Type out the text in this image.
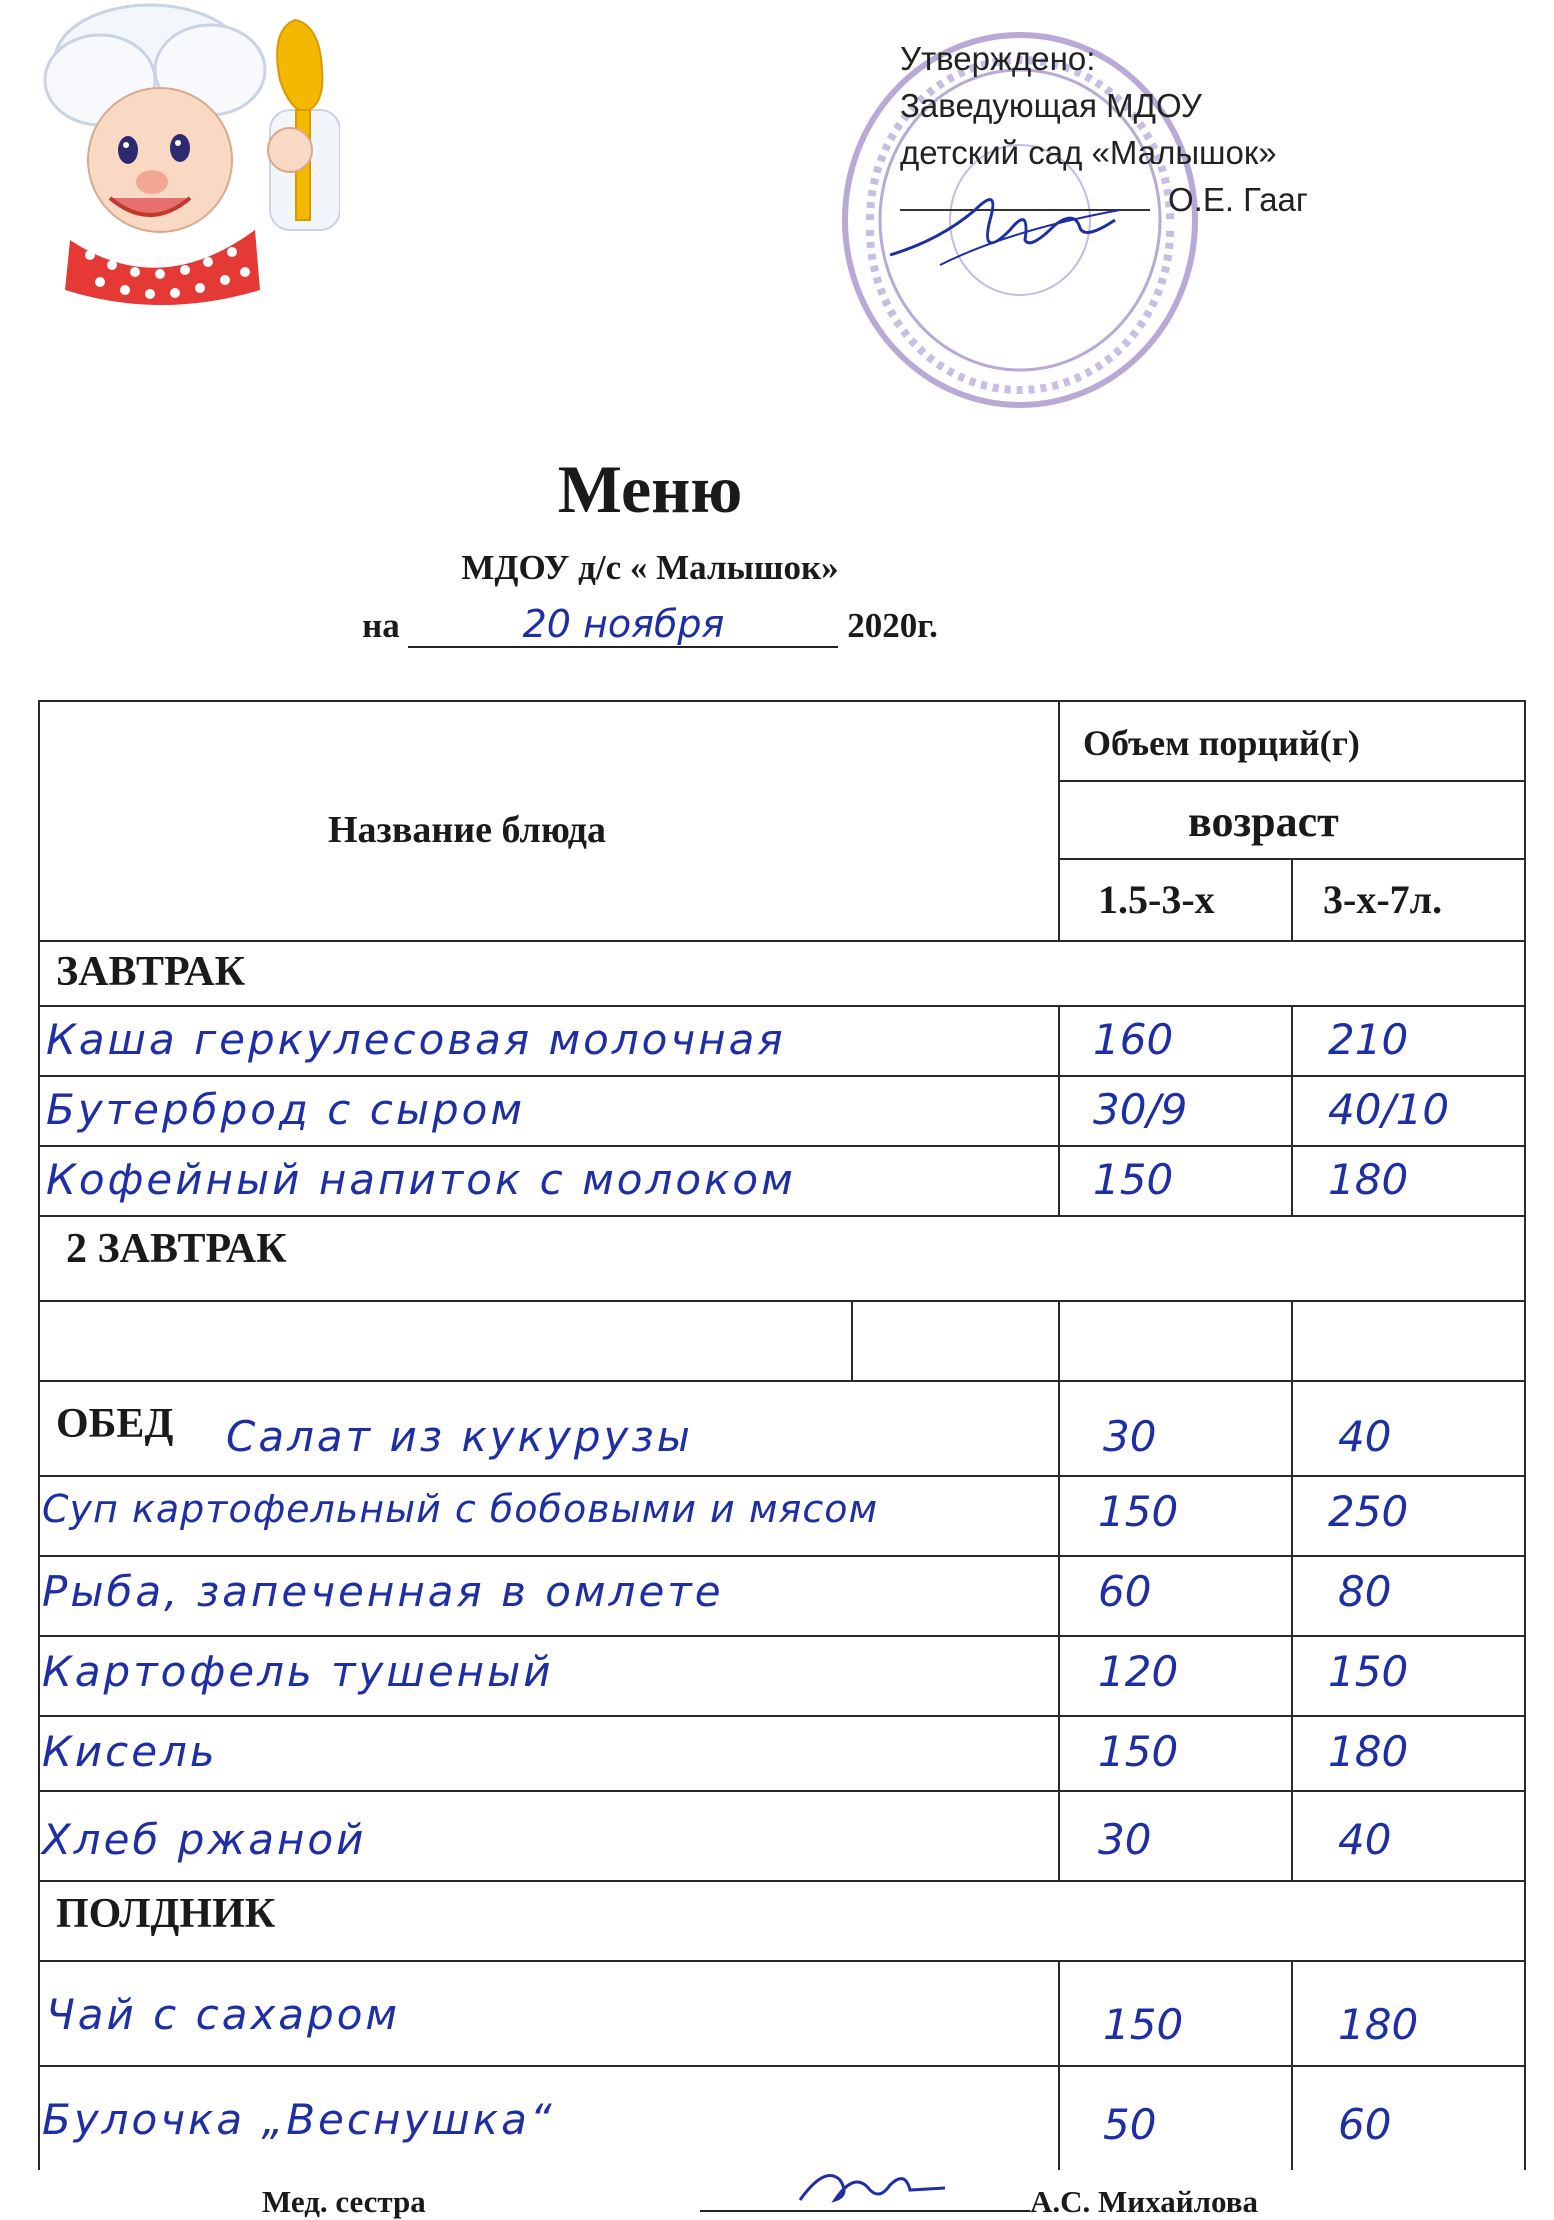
Утверждено:
Заведующая МДОУ
детский сад «Малышок»
О.Е. Гааг
Меню
МДОУ д/с « Малышок»
на	20 ноября	2020г.
Название блюда
Объем порций(г)
возраст
1.5-3-х	3-х-7л.
ЗАВТРАК
Каша геркулесовая молочная	160	210
Бутерброд с сыром	30/9	40/10
Кофейный напиток с молоком	150	180
2 ЗАВТРАК
ОБЕД Салат из кукурузы	30	40
Суп картофельный с бобовыми и мясом	150	250
Рыба, запеченная в омлете	60	80
Картофель тушеный	120	150
Кисель	150	180
Хлеб ржаной	30	40
ПОЛДНИК
Чай с сахаром	150	180
Булочка „Веснушка“	50	60
Мед. сестра	А.С. Михайлова
